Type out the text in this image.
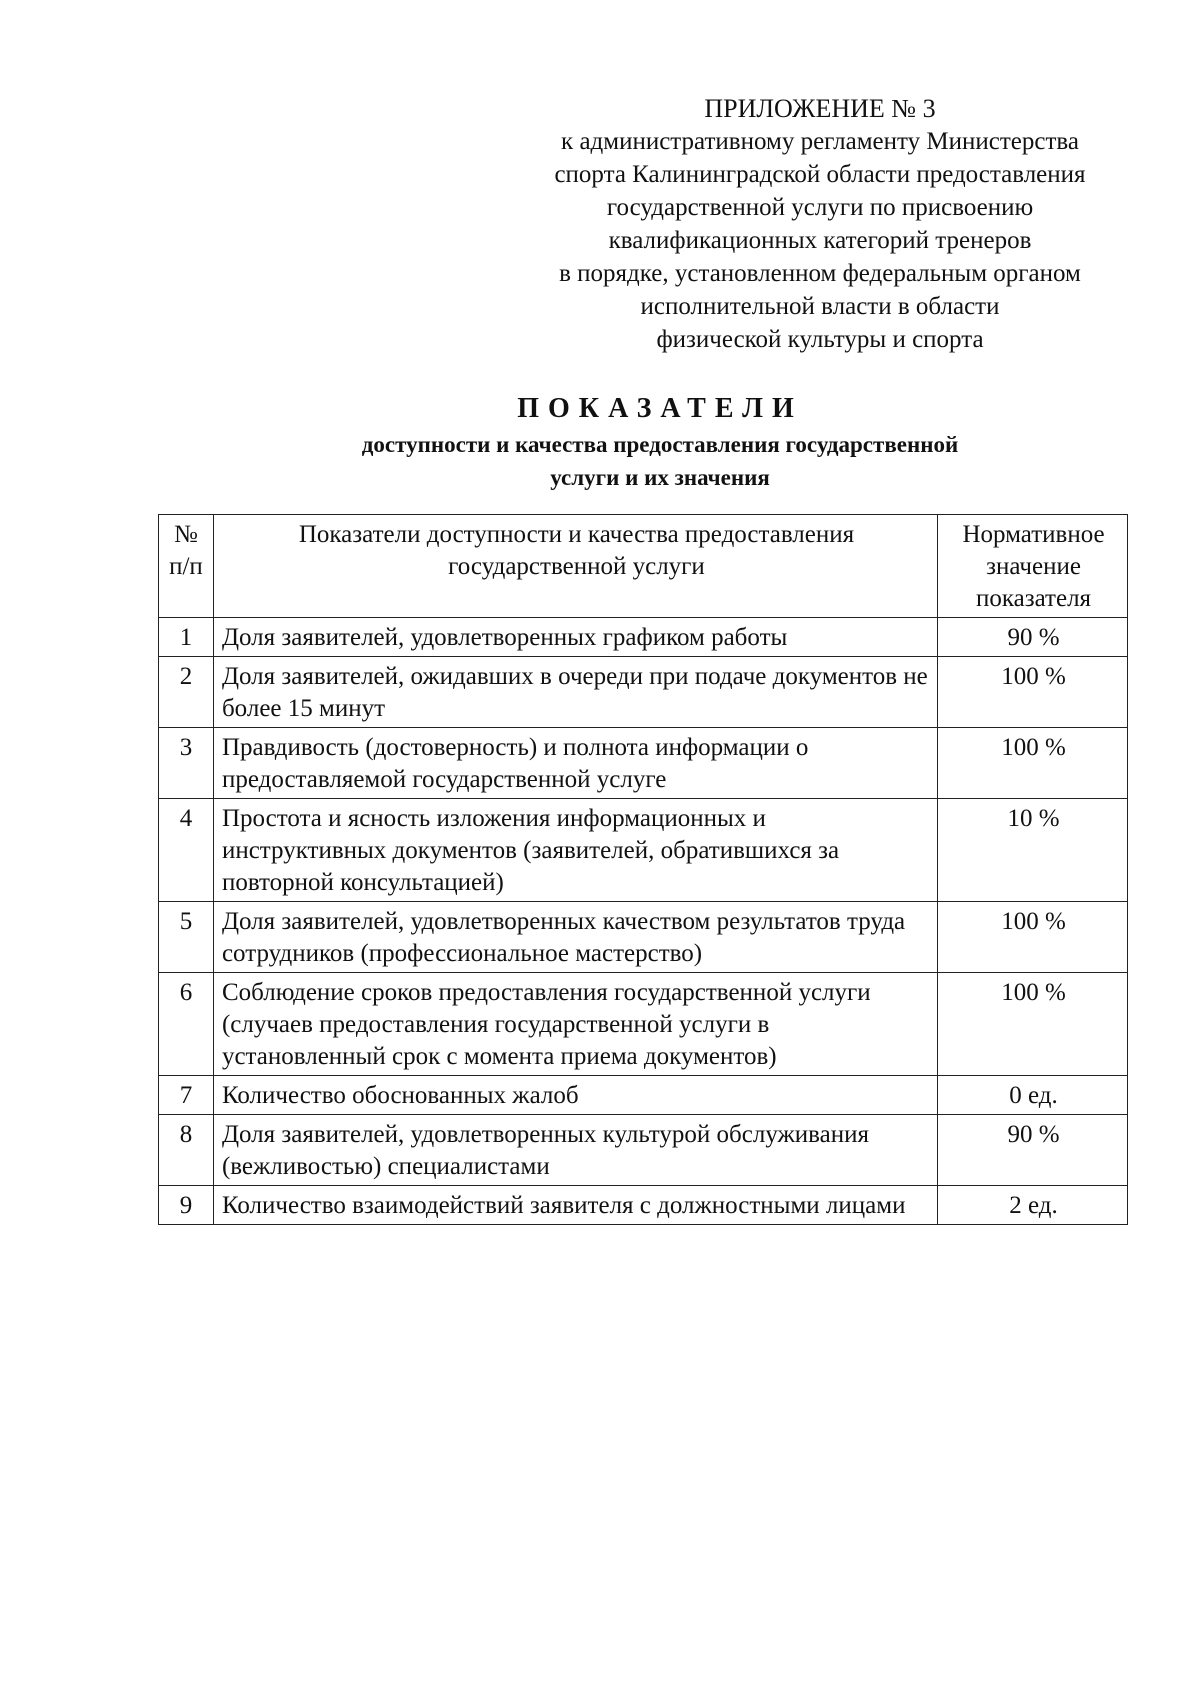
ПРИЛОЖЕНИЕ № 3
к административному регламенту Министерства
спорта Калининградской области предоставления
государственной услуги по присвоению
квалификационных категорий тренеров
в порядке, установленном федеральным органом
исполнительной власти в области
физической культуры и спорта
ПОКАЗАТЕЛИ
доступности и качества предоставления государственной
услуги и их значения
№ п/п	Показатели доступности и качества предоставления государственной услуги	Нормативное значение показателя
1	Доля заявителей, удовлетворенных графиком работы	90 %
2	Доля заявителей, ожидавших в очереди при подаче документов не более 15 минут	100 %
3	Правдивость (достоверность) и полнота информации о предоставляемой государственной услуге	100 %
4	Простота и ясность изложения информационных и инструктивных документов (заявителей, обратившихся за повторной консультацией)	10 %
5	Доля заявителей, удовлетворенных качеством результатов труда сотрудников (профессиональное мастерство)	100 %
6	Соблюдение сроков предоставления государственной услуги (случаев предоставления государственной услуги в установленный срок с момента приема документов)	100 %
7	Количество обоснованных жалоб	0 ед.
8	Доля заявителей, удовлетворенных культурой обслуживания (вежливостью) специалистами	90 %
9	Количество взаимодействий заявителя с должностными лицами	2 ед.
